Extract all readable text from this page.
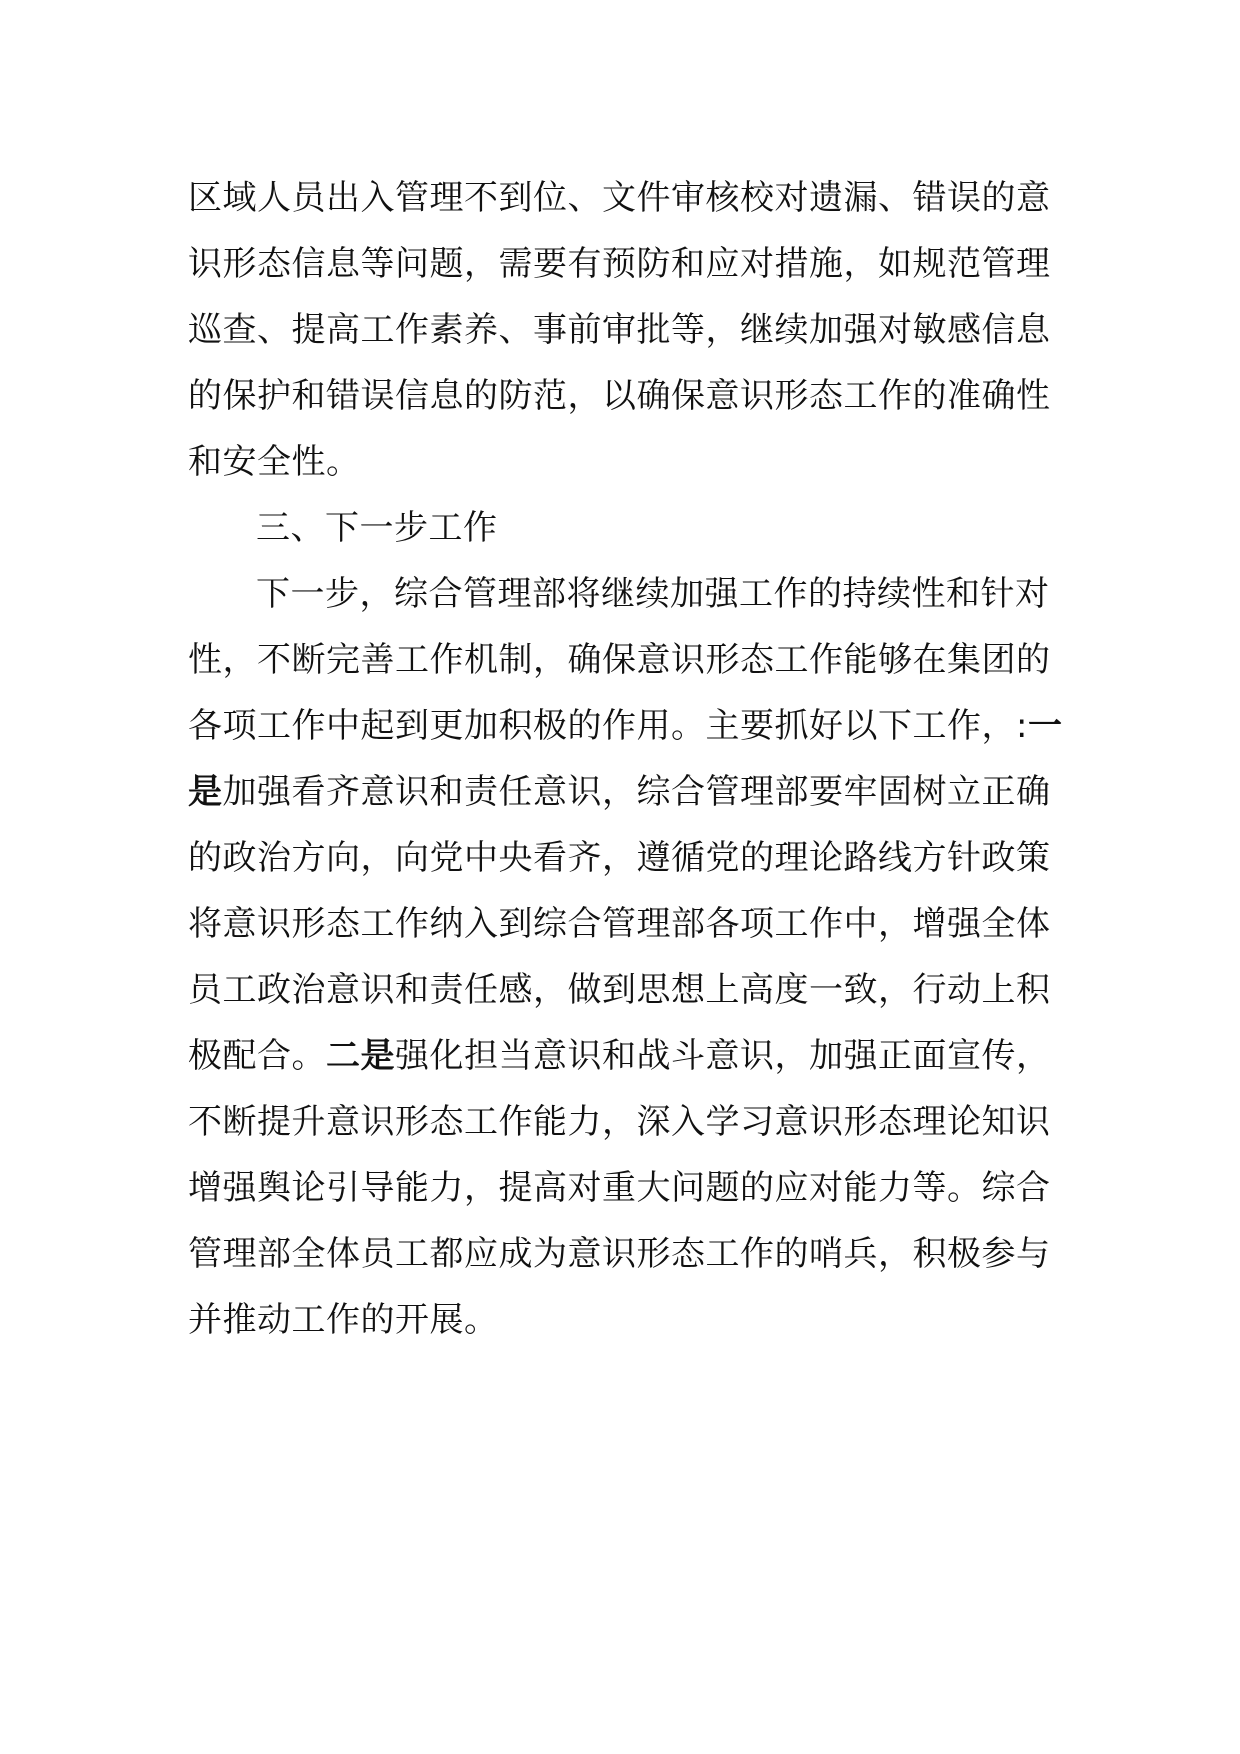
区域人员出入管理不到位、文件审核校对遗漏、错误的意
识形态信息等问题，需要有预防和应对措施，如规范管理
巡查、提高工作素养、事前审批等，继续加强对敏感信息
的保护和错误信息的防范，以确保意识形态工作的准确性
和安全性。
三、下一步工作
下一步，综合管理部将继续加强工作的持续性和针对
性，不断完善工作机制，确保意识形态工作能够在集团的
各项工作中起到更加积极的作用。主要抓好以下工作，:一
是加强看齐意识和责任意识，综合管理部要牢固树立正确
的政治方向，向党中央看齐，遵循党的理论路线方针政策
将意识形态工作纳入到综合管理部各项工作中，增强全体
员工政治意识和责任感，做到思想上高度一致，行动上积
极配合。二是强化担当意识和战斗意识，加强正面宣传，
不断提升意识形态工作能力，深入学习意识形态理论知识
增强舆论引导能力，提高对重大问题的应对能力等。综合
管理部全体员工都应成为意识形态工作的哨兵，积极参与
并推动工作的开展。
